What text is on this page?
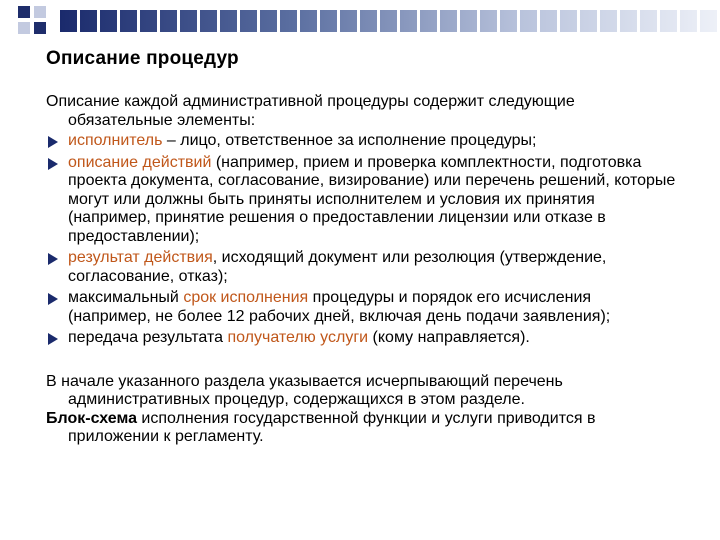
Описание процедур

Описание каждой административной процедуры содержит следующие обязательные элементы:

исполнитель – лицо, ответственное за исполнение процедуры;
описание действий (например, прием и проверка комплектности, подготовка проекта документа, согласование, визирование) или перечень решений, которые могут или должны быть приняты исполнителем и условия их принятия (например, принятие решения о предоставлении лицензии или отказе в предоставлении);
результат действия, исходящий документ или резолюция (утверждение, согласование, отказ);
максимальный срок исполнения процедуры и порядок его исчисления (например, не более 12 рабочих дней, включая день подачи заявления);
передача результата получателю услуги (кому направляется).

В начале указанного раздела указывается исчерпывающий перечень административных процедур, содержащихся в этом разделе.

Блок-схема исполнения государственной функции и услуги приводится в приложении к регламенту.
